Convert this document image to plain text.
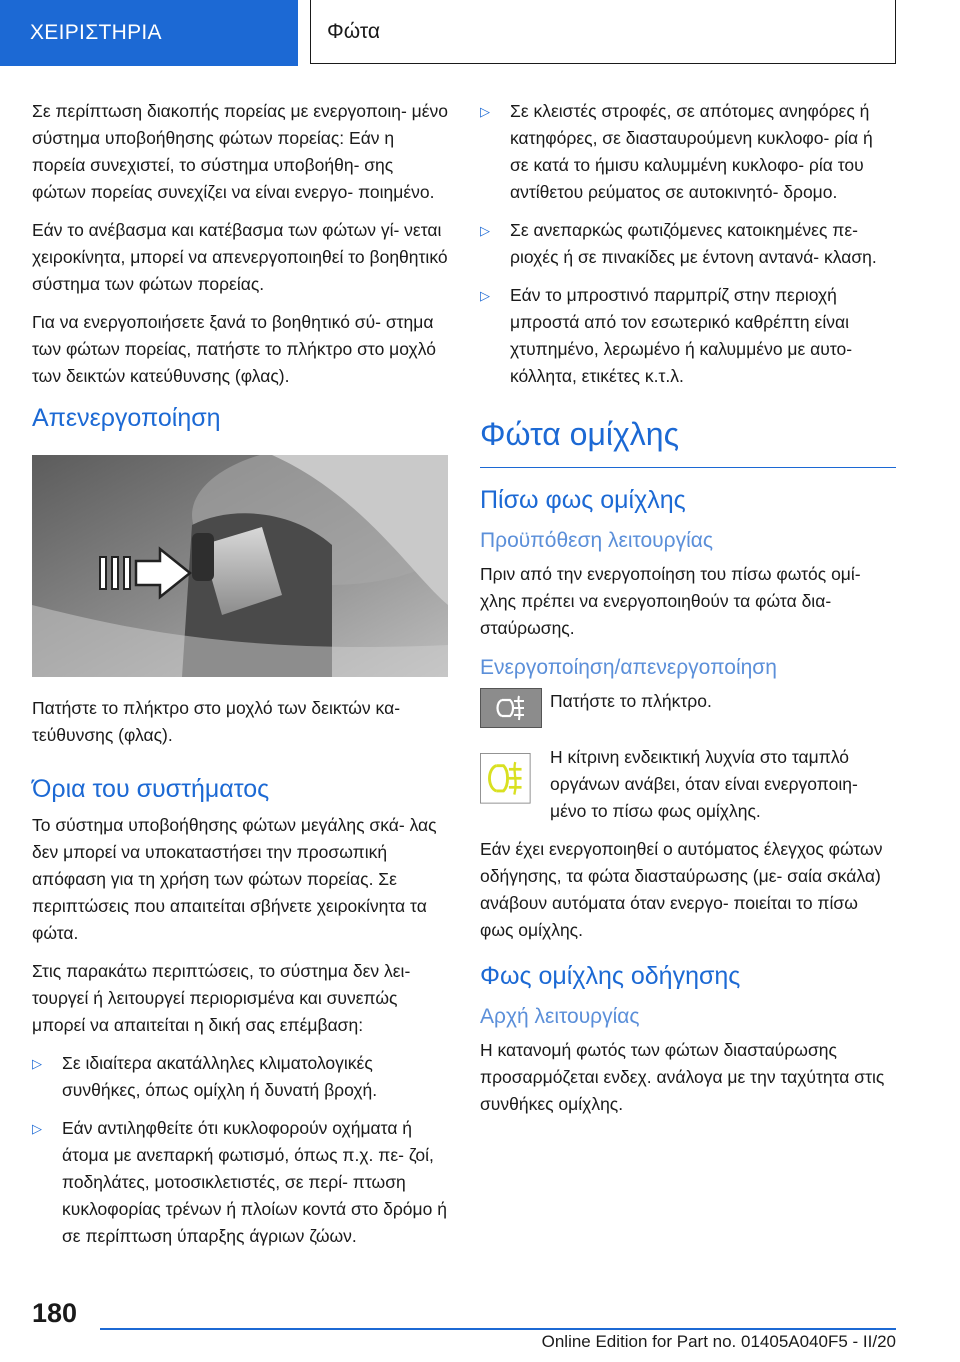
ΧΕΙΡΙΣΤΗΡΙΑ	Φώτα

Σε περίπτωση διακοπής πορείας με ενεργοποιη- μένο σύστημα υποβοήθησης φώτων πορείας: Εάν η πορεία συνεχιστεί, το σύστημα υποβοήθη- σης φώτων πορείας συνεχίζει να είναι ενεργο- ποιημένο.

Εάν το ανέβασμα και κατέβασμα των φώτων γί- νεται χειροκίνητα, μπορεί να απενεργοποιηθεί το βοηθητικό σύστημα των φώτων πορείας.

Για να ενεργοποιήσετε ξανά το βοηθητικό σύ- στημα των φώτων πορείας, πατήστε το πλήκτρο στο μοχλό των δεικτών κατεύθυνσης (φλας).

Απενεργοποίηση

Πατήστε το πλήκτρο στο μοχλό των δεικτών κα- τεύθυνσης (φλας).

Όρια του συστήματος

Το σύστημα υποβοήθησης φώτων μεγάλης σκά- λας δεν μπορεί να υποκαταστήσει την προσωπική απόφαση για τη χρήση των φώτων πορείας. Σε περιπτώσεις που απαιτείται σβήνετε χειροκίνητα τα φώτα.

Στις παρακάτω περιπτώσεις, το σύστημα δεν λει- τουργεί ή λειτουργεί περιορισμένα και συνεπώς μπορεί να απαιτείται η δική σας επέμβαση:

▷ Σε ιδιαίτερα ακατάλληλες κλιματολογικές συνθήκες, όπως ομίχλη ή δυνατή βροχή.
▷ Εάν αντιληφθείτε ότι κυκλοφορούν οχήματα ή άτομα με ανεπαρκή φωτισμό, όπως π.χ. πε- ζοί, ποδηλάτες, μοτοσικλετιστές, σε περί- πτωση κυκλοφορίας τρένων ή πλοίων κοντά στο δρόμο ή σε περίπτωση ύπαρξης άγριων ζώων.
▷ Σε κλειστές στροφές, σε απότομες ανηφόρες ή κατηφόρες, σε διασταυρούμενη κυκλοφο- ρία ή σε κατά το ήμισυ καλυμμένη κυκλοφο- ρία του αντίθετου ρεύματος σε αυτοκινητό- δρομο.
▷ Σε ανεπαρκώς φωτιζόμενες κατοικημένες πε- ριοχές ή σε πινακίδες με έντονη αντανά- κλαση.
▷ Εάν το μπροστινό παρμπρίζ στην περιοχή μπροστά από τον εσωτερικό καθρέπτη είναι χτυπημένο, λερωμένο ή καλυμμένο με αυτο- κόλλητα, ετικέτες κ.τ.λ.
Φώτα ομίχλης
Πίσω φως ομίχλης
Προϋπόθεση λειτουργίας

Πριν από την ενεργοποίηση του πίσω φωτός ομί- χλης πρέπει να ενεργοποιηθούν τα φώτα δια- σταύρωσης.

Ενεργοποίηση/απενεργοποίηση

Πατήστε το πλήκτρο.

Η κίτρινη ενδεικτική λυχνία στο ταμπλό οργάνων ανάβει, όταν είναι ενεργοποιη- μένο το πίσω φως ομίχλης.

Εάν έχει ενεργοποιηθεί ο αυτόματος έλεγχος φώτων οδήγησης, τα φώτα διασταύρωσης (με- σαία σκάλα) ανάβουν αυτόματα όταν ενεργο- ποιείται το πίσω φως ομίχλης.

Φως ομίχλης οδήγησης
Αρχή λειτουργίας

Η κατανομή φωτός των φώτων διασταύρωσης προσαρμόζεται ενδεχ. ανάλογα με την ταχύτητα στις συνθήκες ομίχλης.

180
Online Edition for Part no. 01405A040F5 - II/20
